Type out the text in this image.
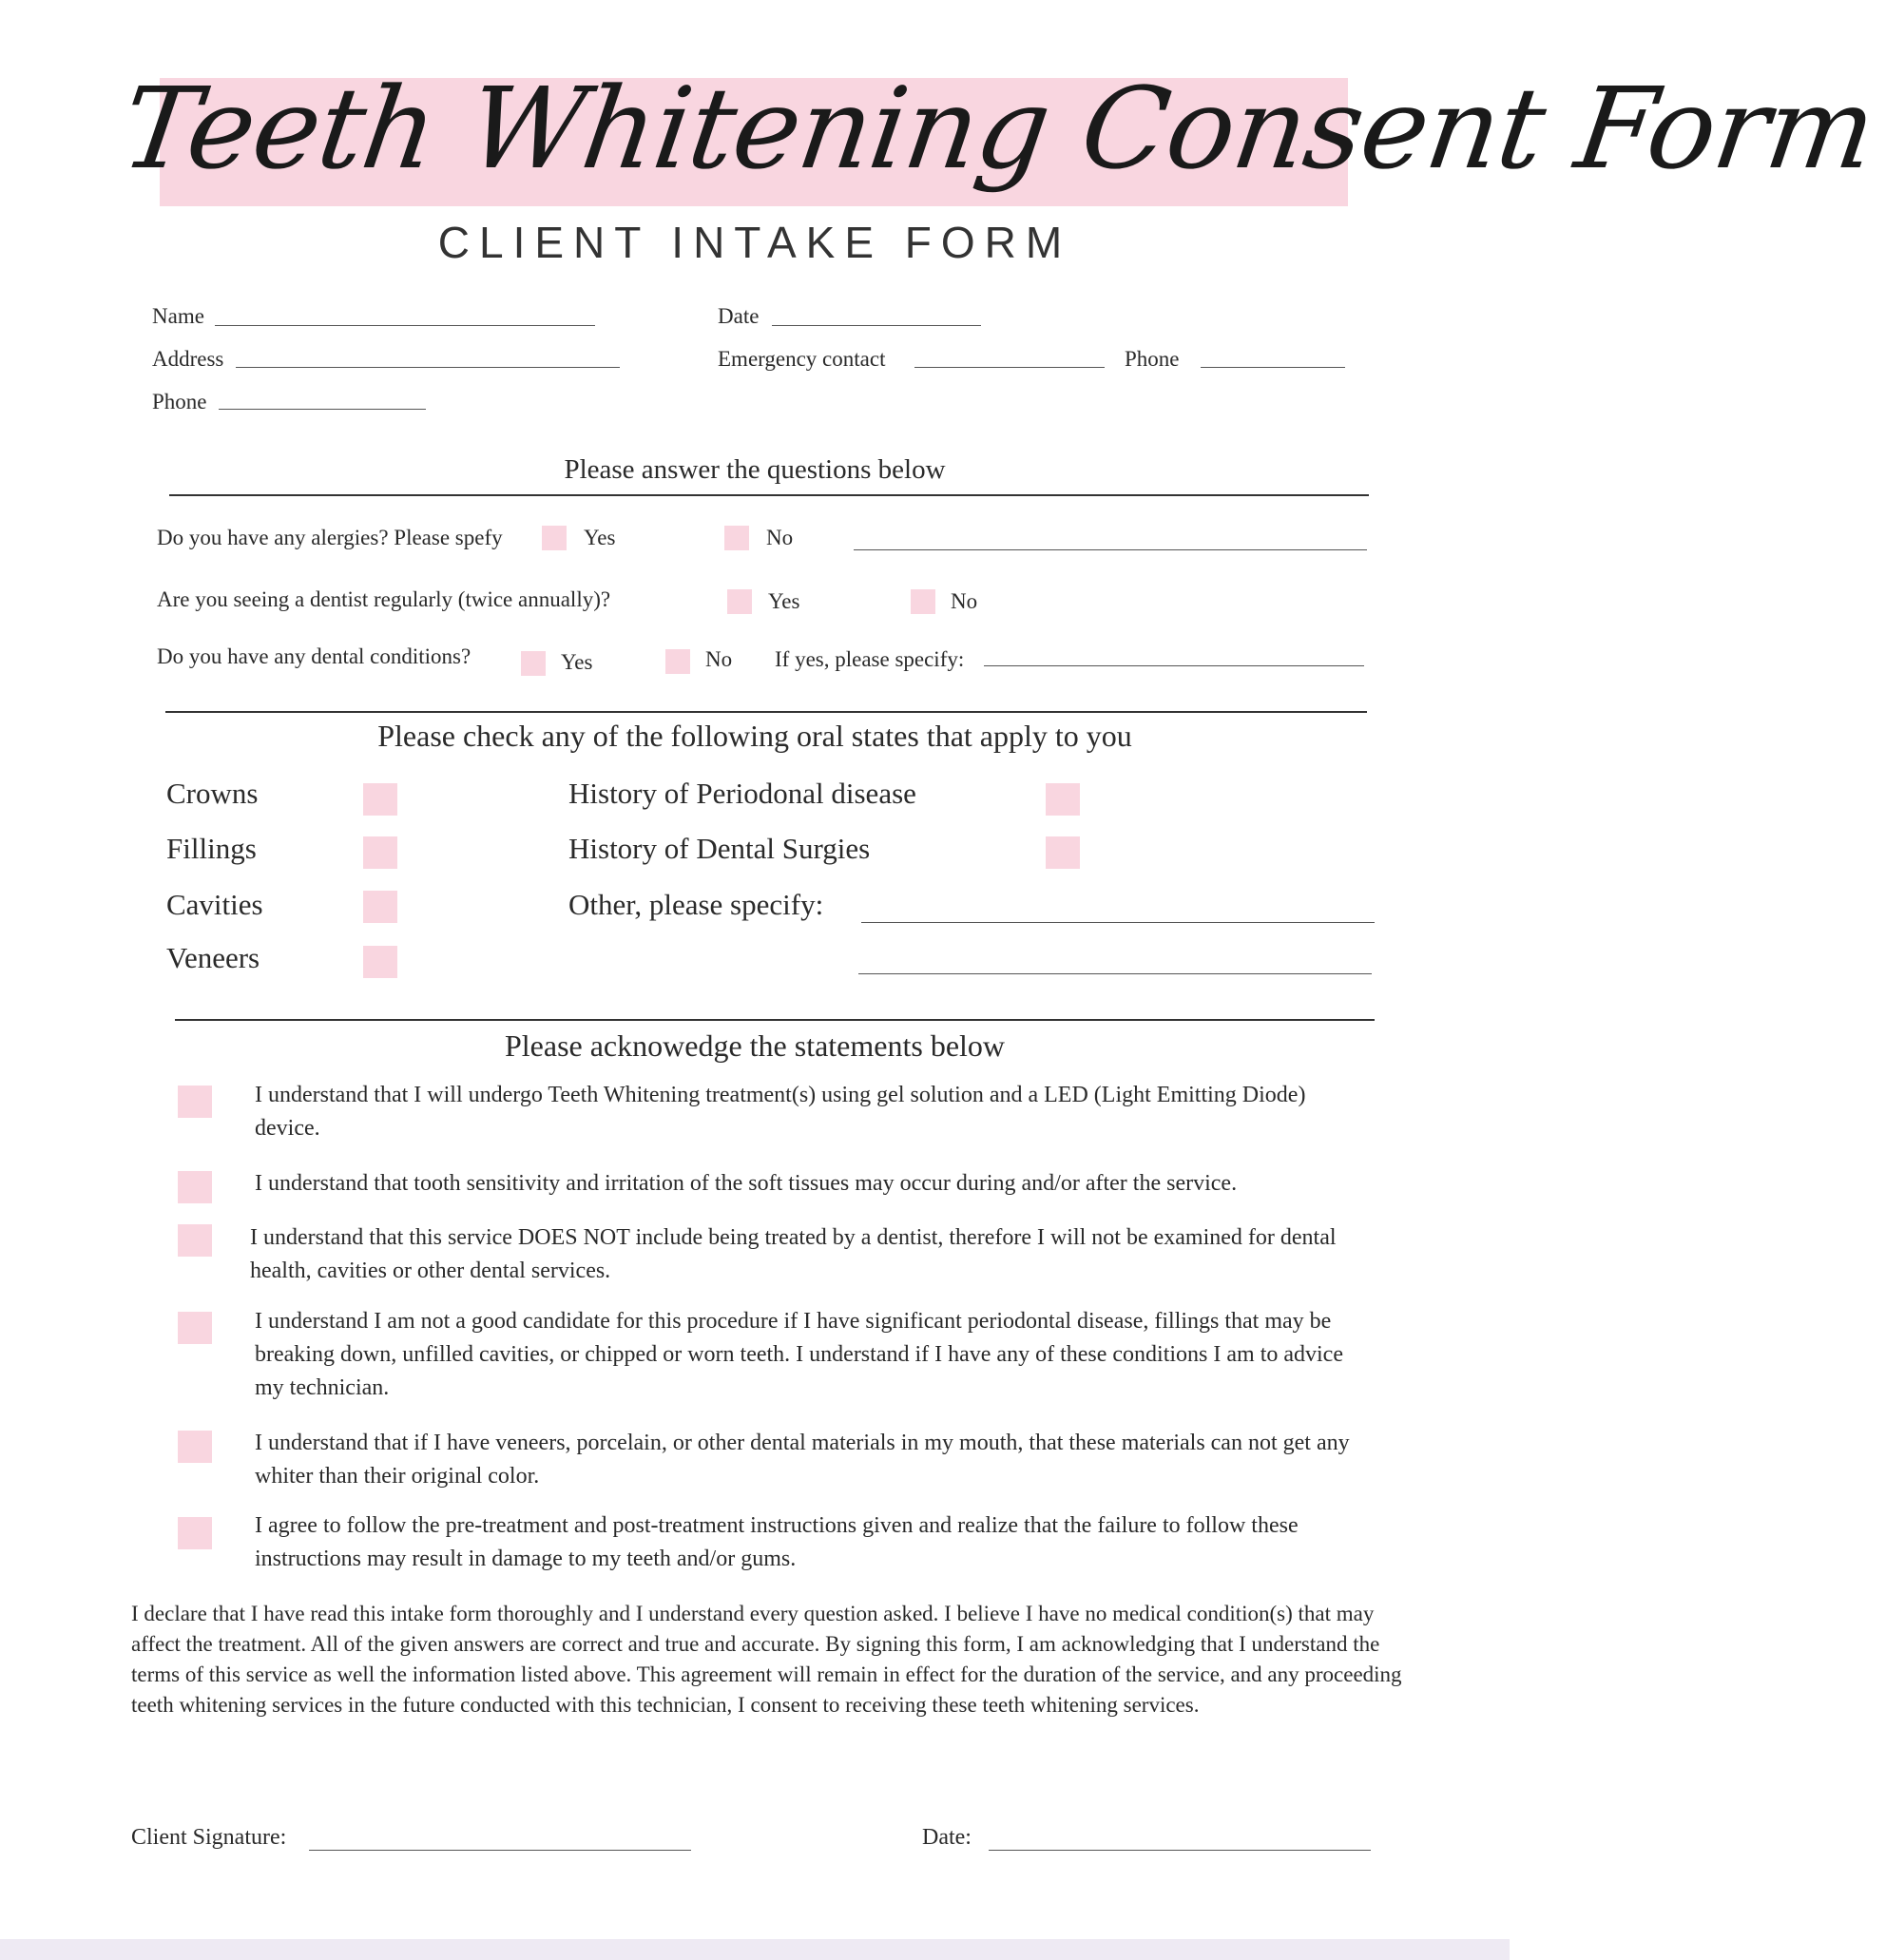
Teeth Whitening Consent Form
CLIENT INTAKE FORM
Name	Date
Address	Emergency contact	Phone
Phone
Please answer the questions below
Do you have any alergies? Please spefy	Yes	No
Are you seeing a dentist regularly (twice annually)?	Yes	No
Do you have any dental conditions?	Yes	No If yes, please specify:
Please check any of the following oral states that apply to you
Crowns	History of Periodonal disease
Fillings	History of Dental Surgies
Cavities	Other, please specify:
Veneers
Please acknowedge the statements below
I understand that I will undergo Teeth Whitening treatment(s) using gel solution and a LED (Light Emitting Diode) device.
I understand that tooth sensitivity and irritation of the soft tissues may occur during and/or after the service.
I understand that this service DOES NOT include being treated by a dentist, therefore I will not be examined for dental health, cavities or other dental services.
I understand I am not a good candidate for this procedure if I have significant periodontal disease, fillings that may be breaking down, unfilled cavities, or chipped or worn teeth. I understand if I have any of these conditions I am to advice my technician.
I understand that if I have veneers, porcelain, or other dental materials in my mouth, that these materials can not get any whiter than their original color.
I agree to follow the pre-treatment and post-treatment instructions given and realize that the failure to follow these instructions may result in damage to my teeth and/or gums.
I declare that I have read this intake form thoroughly and I understand every question asked. I believe I have no medical condition(s) that may affect the treatment. All of the given answers are correct and true and accurate. By signing this form, I am acknowledging that I understand the terms of this service as well the information listed above. This agreement will remain in effect for the duration of the service, and any proceeding teeth whitening services in the future conducted with this technician, I consent to receiving these teeth whitening services.
Client Signature:	Date:
